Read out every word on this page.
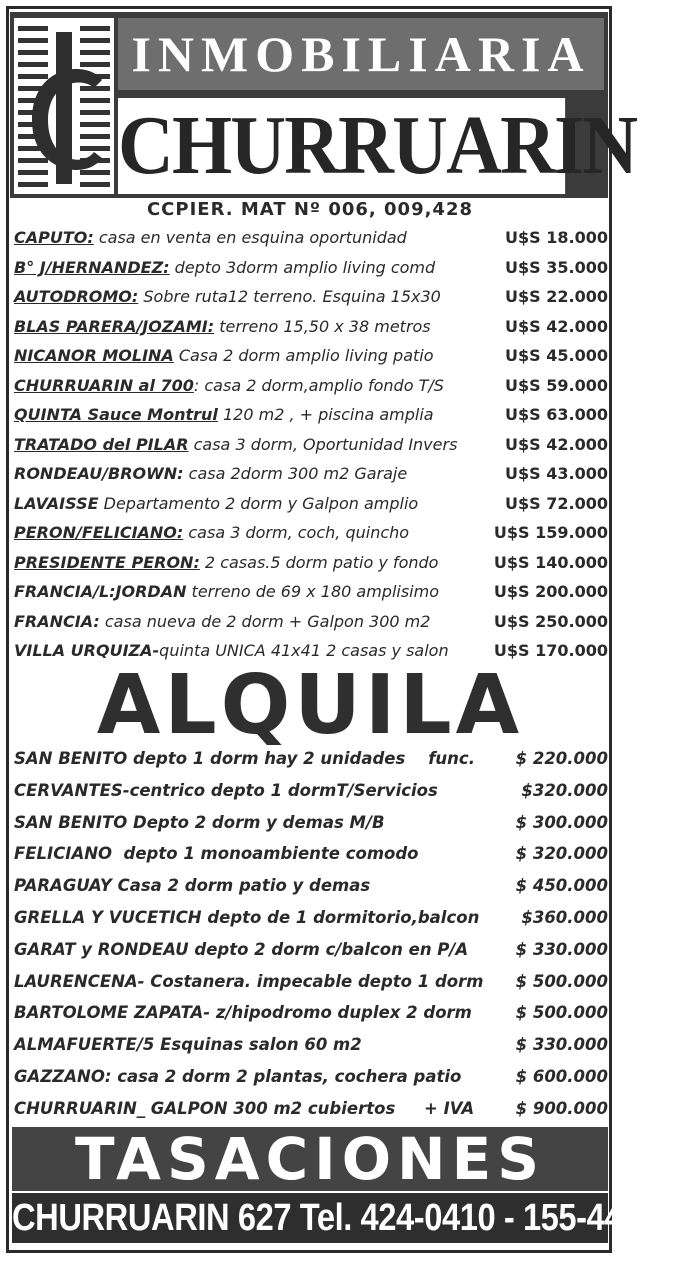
INMOBILIARIA
CHURRUARIN
CCPIER. MAT Nº 006, 009,428
CAPUTO: casa en venta en esquina oportunidad	U$S 18.000
B° J/HERNANDEZ: depto 3dorm amplio living comd	U$S 35.000
AUTODROMO: Sobre ruta12 terreno. Esquina 15x30	U$S 22.000
BLAS PARERA/JOZAMI: terreno 15,50 x 38 metros	U$S 42.000
NICANOR MOLINA Casa 2 dorm amplio living patio	U$S 45.000
CHURRUARIN al 700: casa 2 dorm,amplio fondo T/S	U$S 59.000
QUINTA Sauce Montrul 120 m2 , + piscina amplia	U$S 63.000
TRATADO del PILAR casa 3 dorm, Oportunidad Invers	U$S 42.000
RONDEAU/BROWN: casa 2dorm 300 m2 Garaje	U$S 43.000
LAVAISSE Departamento 2 dorm y Galpon amplio	U$S 72.000
PERON/FELICIANO: casa 3 dorm, coch, quincho	U$S 159.000
PRESIDENTE PERON: 2 casas.5 dorm patio y fondo	U$S 140.000
FRANCIA/L:JORDAN terreno de 69 x 180 amplisimo	U$S 200.000
FRANCIA: casa nueva de 2 dorm + Galpon 300 m2	U$S 250.000
VILLA URQUIZA-quinta UNICA 41x41 2 casas y salon	U$S 170.000
ALQUILA
SAN BENITO depto 1 dorm hay 2 unidades    func. $ 220.000
CERVANTES-centrico depto 1 dormT/Servicios	$320.000
SAN BENITO Depto 2 dorm y demas M/B	$ 300.000
FELICIANO  depto 1 monoambiente comodo	$ 320.000
PARAGUAY Casa 2 dorm patio y demas	$ 450.000
GRELLA Y VUCETICH depto de 1 dormitorio,balcon	$360.000
GARAT y RONDEAU depto 2 dorm c/balcon en P/A	$ 330.000
LAURENCENA- Costanera. impecable depto 1 dorm $ 500.000
BARTOLOME ZAPATA- z/hipodromo duplex 2 dorm	$ 500.000
ALMAFUERTE/5 Esquinas salon 60 m2	$ 330.000
GAZZANO: casa 2 dorm 2 plantas, cochera patio	$ 600.000
CHURRUARIN_ GALPON 300 m2 cubiertos     + IVA	$ 900.000
TASACIONES
CHURRUARIN 627 Tel. 424-0410 - 155-444786
